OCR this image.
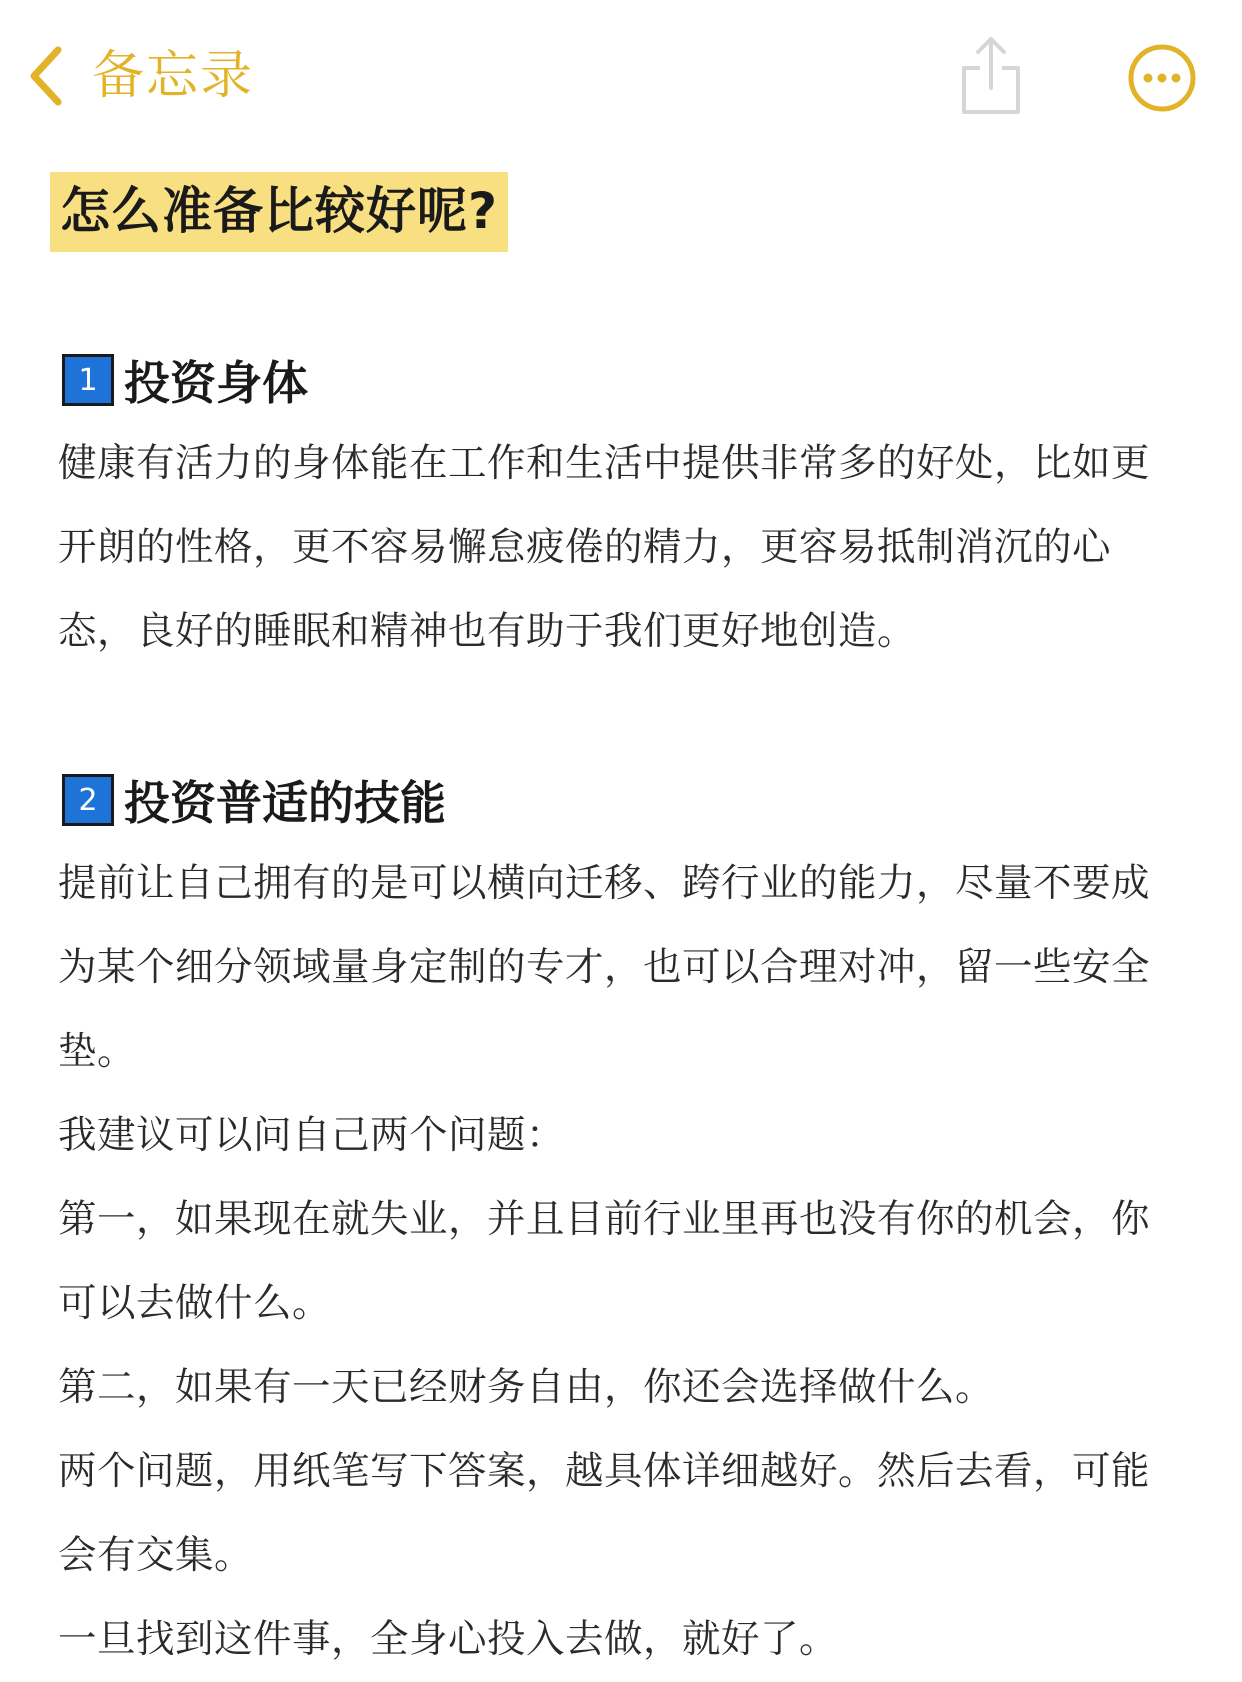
备忘录
怎么准备比较好呢?
1 投资身体

健康有活力的身体能在工作和生活中提供非常多的好处，比如更开朗的性格，更不容易懈怠疲倦的精力，更容易抵制消沉的心态，良好的睡眠和精神也有助于我们更好地创造。

2 投资普适的技能

提前让自己拥有的是可以横向迁移、跨行业的能力，尽量不要成为某个细分领域量身定制的专才，也可以合理对冲，留一些安全垫。

我建议可以问自己两个问题：

第一，如果现在就失业，并且目前行业里再也没有你的机会，你可以去做什么。

第二，如果有一天已经财务自由，你还会选择做什么。

两个问题，用纸笔写下答案，越具体详细越好。然后去看，可能会有交集。

一旦找到这件事，全身心投入去做，就好了。
